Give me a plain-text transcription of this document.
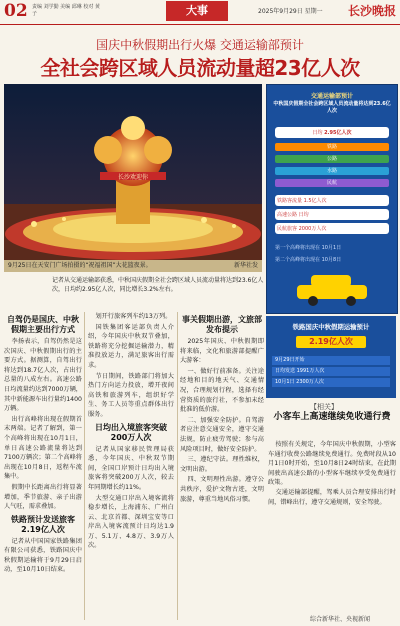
02 责编 刘学勤 美编 邱琳 校对 黄子	大事	2025年9月29日 星期一 长沙晚报
国庆中秋假期出行火爆 交通运输部预计
全社会跨区域人员流动量超23亿人次
长沙欢迎你
9月25日在天安门广场拍摄的“祝福祖国”大花篮夜景。	新华社发
交通运输部预计
中秋国庆假期全社会跨区域人员流动量将达到23.6亿人次
日均 2.95亿人次
铁路
公路
水路
民航
铁路客流量 1.5亿人次
高速公路 日均
民航旅客 2000万人次
第一个高峰将出现在 10月1日
第二个高峰将出现在 10月8日
记者从交通运输部获悉，中秋国庆假期全社会跨区域人员流动量将达到23.6亿人次，日均约2.95亿人次，同比增长3.2%左右。
自驾仍是国庆、中秋假期主要出行方式

李扬表示，自驾仍然是这次国庆、中秋假期出行的主要方式。据测算，自驾出行将达到18.7亿人次，占出行总量的八成左右。高速公路日均流量约达到7000万辆，其中新能源车出行量约1400万辆。

出行高峰将出现在假期首末两端。记者了解到，第一个高峰将出现在10月1日，单日高速公路流量将达到7100万辆次；第二个高峰将出现在10月8日，返程车流集中。

假期中长距离出行将显著增加，季节旅游、亲子出游人气旺，需求叠加。

铁路预计发送旅客2.19亿人次

记者从中国国家铁路集团有限公司获悉，铁路国庆中秋假期运输将于9月29日启动，至10月10日结束。

划开行旅客列车约13万列。

国铁集团客运部负责人介绍，今年国庆中秋双节叠加，铁路将充分挖掘运输潜力，精准投放运力，满足旅客出行需求。

节日期间，铁路部门将加大热门方向运力投放，增开夜间高铁和旅游列车，组织好学生、务工人员等重点群体出行服务。

日均出入境旅客突破200万人次

记者从国家移民管理局获悉，今年国庆、中秋双节期间，全国口岸预计日均出入境旅客将突破200万人次，较去年同期增长约11%。

大型交通口岸出入境客流将稳步增长，上海浦东、广州白云、北京首都、深圳宝安等口岸出入境客流预计日均达1.9万、5.1万、4.8万、3.9万人次。

事关假期出游，文旅部发布提示

2025年国庆、中秋假期即将来临，文化和旅游部提醒广大游客：

一、做好行前准备。关注途经地和目的地天气、交通情况，合理规划行程，选择有经营资质的旅行社，不参加未经批准的低价游。

二、加强安全防护。自驾游者应注意交通安全，遵守交通法规，防止疲劳驾驶；参与高风险项目时，做好安全防护。

三、遵纪守法。理性维权，文明出游。

四、文明理性出游。遵守公共秩序，爱护文物古迹，文明旅游，尊重当地风俗习惯。

铁路国庆中秋假期运输预计
2.19亿人次
9月29日开始
日均发送 1991万人次
10月1日 2300万人次
【相关】
小客车上高速继续免收通行费

按照有关规定，今年国庆中秋假期，小型客车通行收费公路继续免费通行。免费时段从10月1日0时开始，至10月8日24时结束，在此期间驶出高速公路的小型客车继续享受免费通行政策。

交通运输部提醒，驾乘人员合理安排出行时间，错峰出行，遵守交通规则，安全驾驶。

综合新华社、央视新闻
